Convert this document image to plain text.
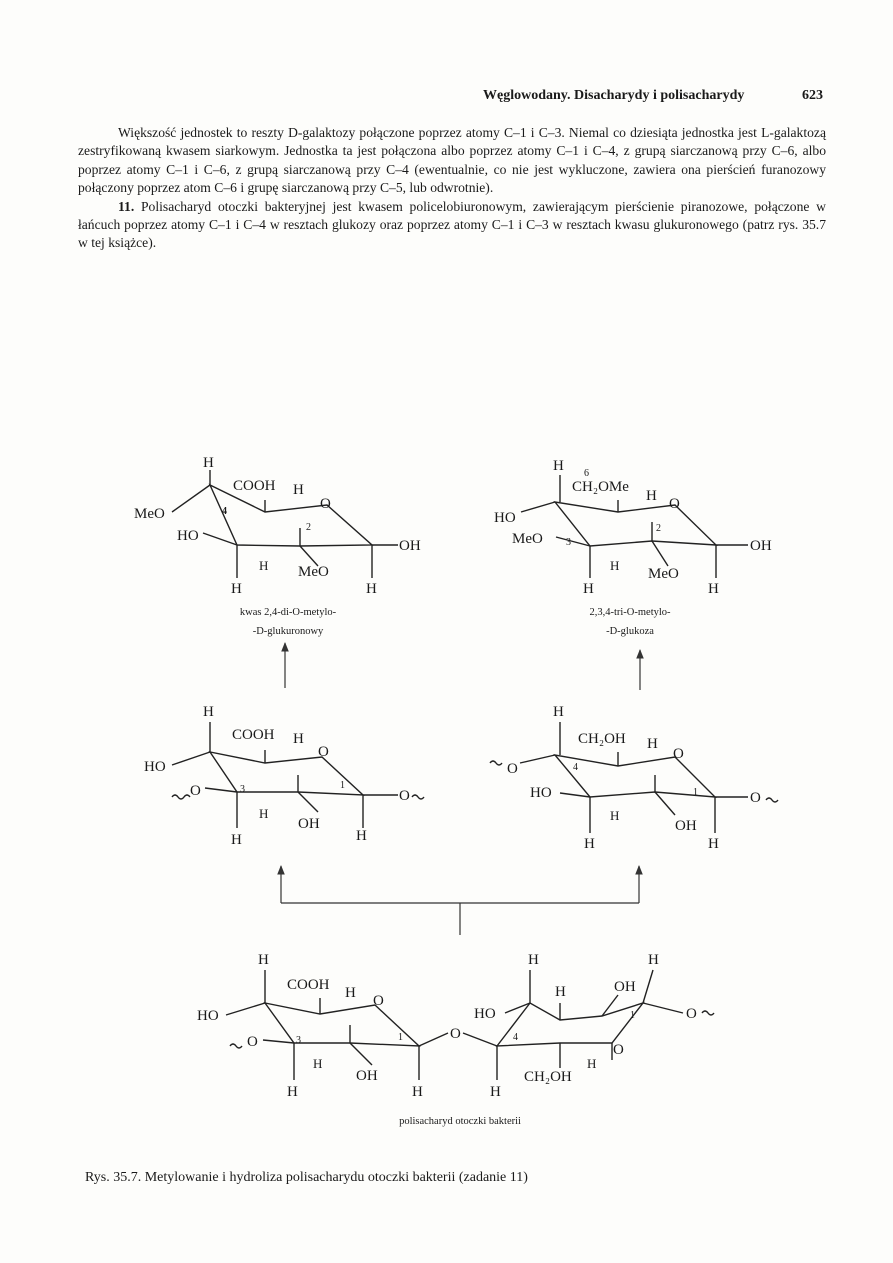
Węglowodany. Disacharydy i polisacharydy	623

Większość jednostek to reszty D-galaktozy połączone poprzez atomy C–1 i C–3. Niemal co dziesiąta jednostka jest L-galaktozą zestryfikowaną kwasem siarkowym. Jednostka ta jest połączona albo poprzez atomy C–1 i C–4, z grupą siarczanową przy C–6, albo poprzez atomy C–1 i C–6, z grupą siarczanową przy C–4 (ewentualnie, co nie jest wykluczone, zawiera ona pierścień furanozowy połączony poprzez atom C–6 i grupę siarczanową przy C–5, lub odwrotnie).

11. Polisacharyd otoczki bakteryjnej jest kwasem policelobiuronowym, zawierającym pierścienie piranozowe, połączone w łańcuch poprzez atomy C–1 i C–4 w resztach glukozy oraz poprzez atomy C–1 i C–3 w resztach kwasu glukuronowego (patrz rys. 35.7 w tej książce).

H
COOH H
O
MeO	4
2
HO
OH
H MeO
H	H
kwas 2,4-di-O-metylo-
-D-glukuronowy
H 6
CH₂OMe
H O
HO
MeO 3
2
OH
H
MeO
H	H
2,3,4-tri-O-metylo-
-D-glukoza
H
COOH H
O
HO
O	3	1
O
H
OH
H	H
H
CH₂OH H
O
O	4
HO	1	O
H
OH
H	H
H
COOH H O
HO
O	3	1	O
H
OH
H	H
H	H
H	OH
HO
4
1	O
O
H
CH₂OH
H
polisacharyd otoczki bakterii
Rys. 35.7. Metylowanie i hydroliza polisacharydu otoczki bakterii (zadanie 11)
